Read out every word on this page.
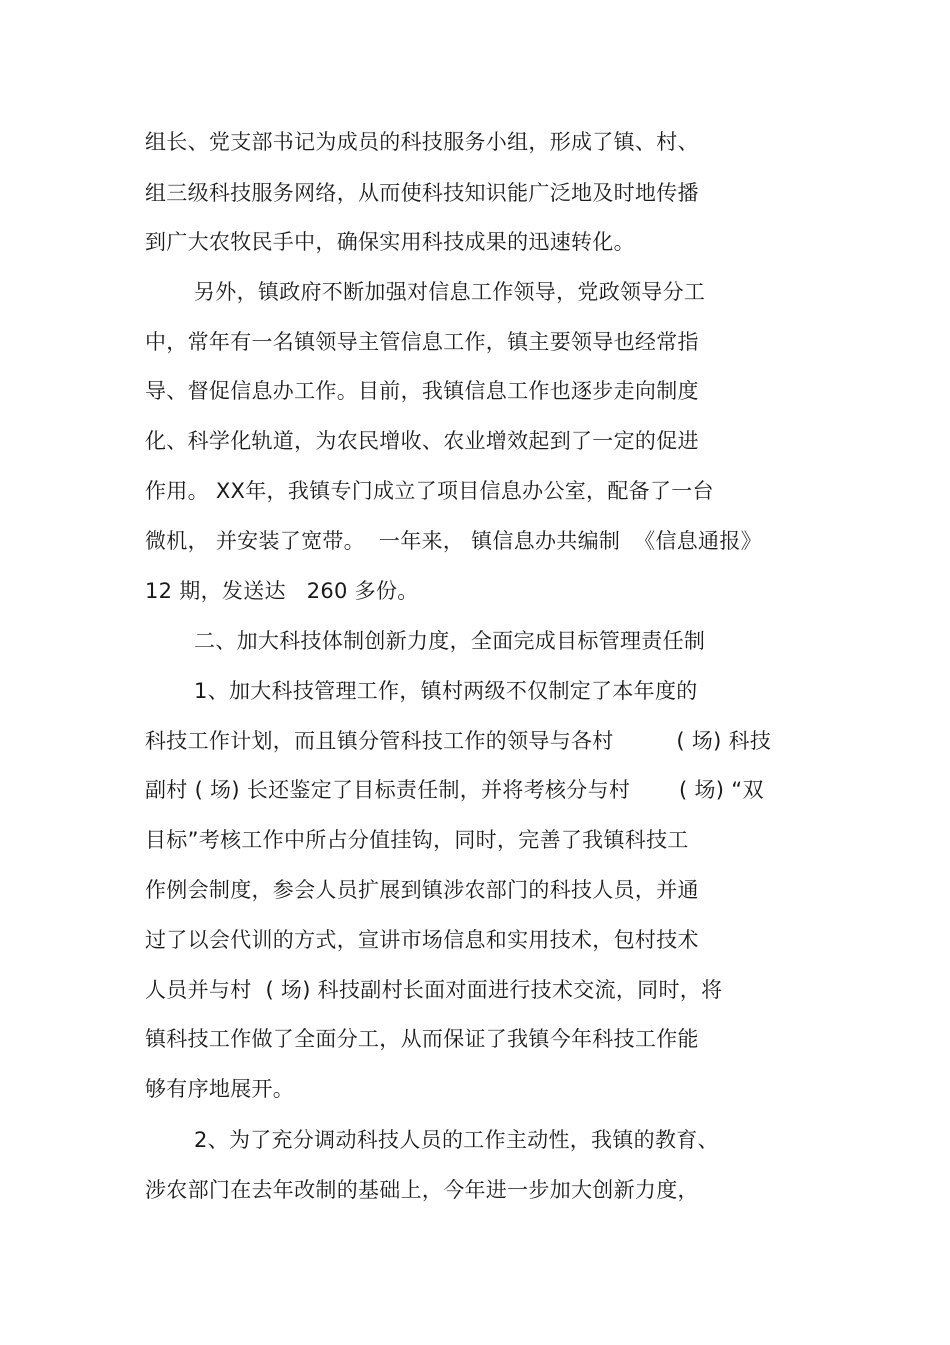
组长、党支部书记为成员的科技服务小组，形成了镇、村、
组三级科技服务网络，从而使科技知识能广泛地及时地传播
到广大农牧民手中，确保实用科技成果的迅速转化。
另外，镇政府不断加强对信息工作领导，党政领导分工
中，常年有一名镇领导主管信息工作，镇主要领导也经常指
导、督促信息办工作。目前，我镇信息工作也逐步走向制度
化、科学化轨道，为农民增收、农业增效起到了一定的促进
作用。 XX年，我镇专门成立了项目信息办公室，配备了一台
微机， 并安装了宽带。  一年来， 镇信息办共编制  《信息通报》
12 期，发送达   260 多份。
二、加大科技体制创新力度，全面完成目标管理责任制
1、加大科技管理工作，镇村两级不仅制定了本年度的
科技工作计划，而且镇分管科技工作的领导与各村         ( 场) 科技
副村 ( 场) 长还鉴定了目标责任制，并将考核分与村       ( 场) “双
目标”考核工作中所占分值挂钩，同时，完善了我镇科技工
作例会制度，参会人员扩展到镇涉农部门的科技人员，并通
过了以会代训的方式，宣讲市场信息和实用技术，包村技术
人员并与村  ( 场) 科技副村长面对面进行技术交流，同时，将
镇科技工作做了全面分工，从而保证了我镇今年科技工作能
够有序地展开。
2、为了充分调动科技人员的工作主动性，我镇的教育、
涉农部门在去年改制的基础上，今年进一步加大创新力度，
